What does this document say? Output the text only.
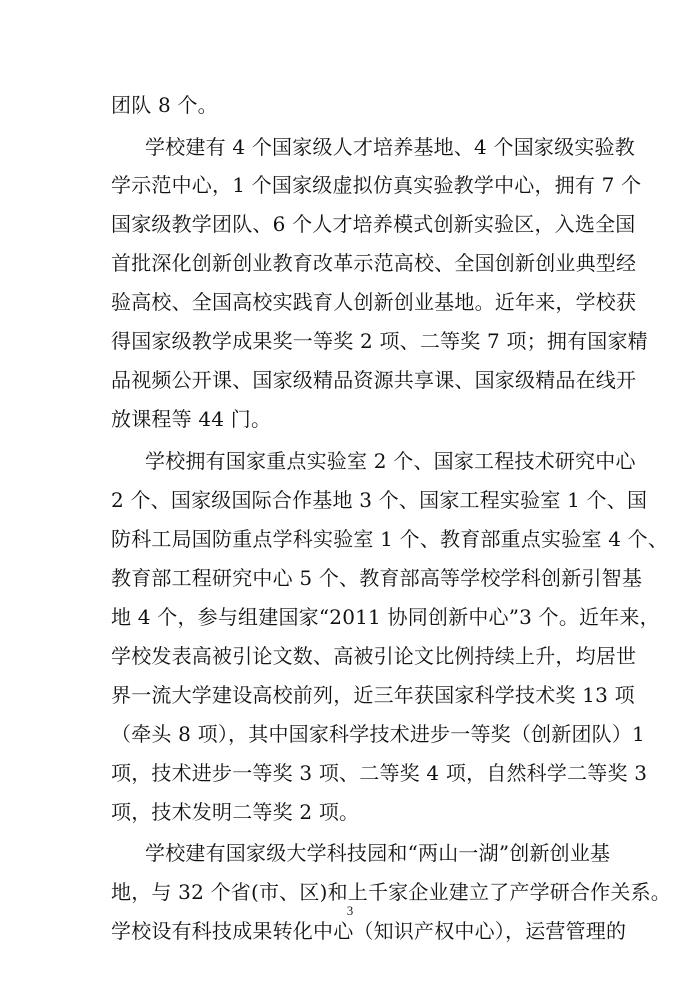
团队 8 个。
学校建有 4 个国家级人才培养基地、4 个国家级实验教
学示范中心，1 个国家级虚拟仿真实验教学中心，拥有 7 个
国家级教学团队、6 个人才培养模式创新实验区，入选全国
首批深化创新创业教育改革示范高校、全国创新创业典型经
验高校、全国高校实践育人创新创业基地。近年来，学校获
得国家级教学成果奖一等奖 2 项、二等奖 7 项；拥有国家精
品视频公开课、国家级精品资源共享课、国家级精品在线开
放课程等 44 门。
学校拥有国家重点实验室 2 个、国家工程技术研究中心
2 个、国家级国际合作基地 3 个、国家工程实验室 1 个、国
防科工局国防重点学科实验室 1 个、教育部重点实验室 4 个、
教育部工程研究中心 5 个、教育部高等学校学科创新引智基
地 4 个，参与组建国家“2011 协同创新中心”3 个。近年来，
学校发表高被引论文数、高被引论文比例持续上升，均居世
界一流大学建设高校前列，近三年获国家科学技术奖 13 项
（牵头 8 项），其中国家科学技术进步一等奖（创新团队）1
项，技术进步一等奖 3 项、二等奖 4 项，自然科学二等奖 3
项，技术发明二等奖 2 项。
学校建有国家级大学科技园和“两山一湖”创新创业基
地，与 32 个省(市、区)和上千家企业建立了产学研合作关系。
学校设有科技成果转化中心（知识产权中心），运营管理的
3
